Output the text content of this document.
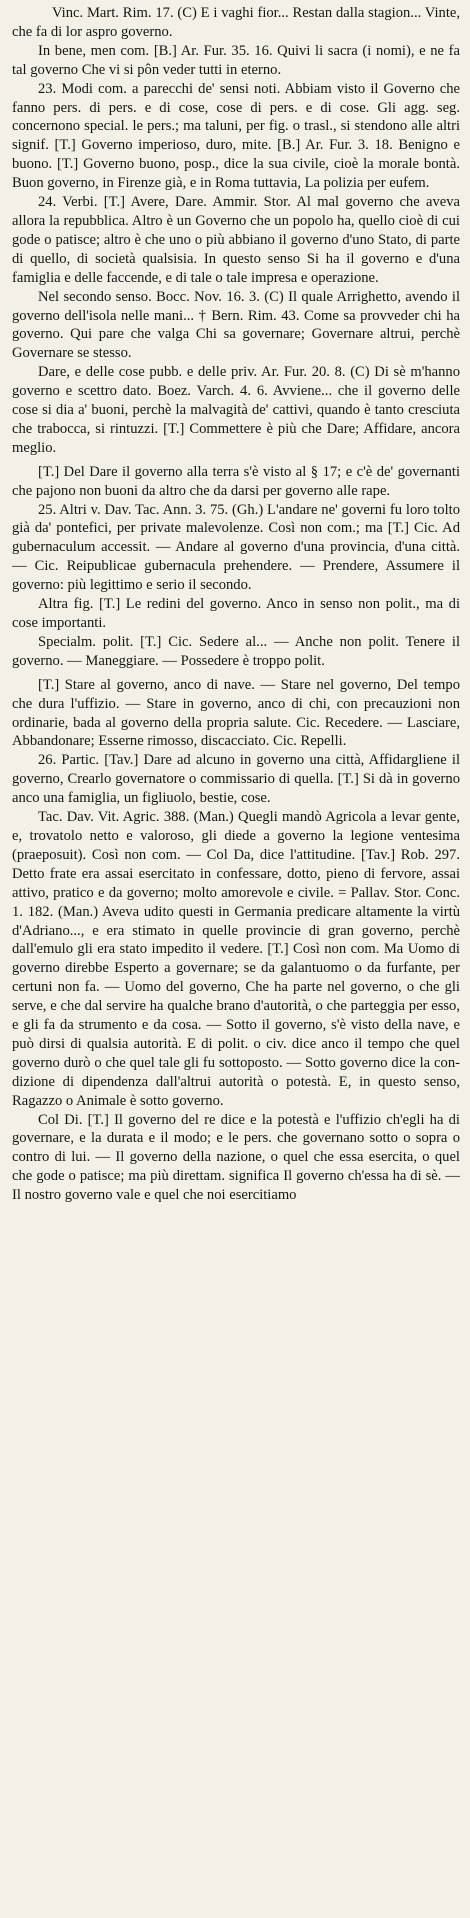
Vinc. Mart. Rim. 17. (C) E i vaghi fior... Restan dalla stagion... Vinte, che fa di lor aspro governo.

In bene, men com. [B.] Ar. Fur. 35. 16. Quivi li sacra (i nomi), e ne fa tal governo Che vi si pôn veder tutti in eterno.

23. Modi com. a parecchi de' sensi noti. Abbiam visto il Governo che fanno pers. di pers. e di cose, cose di pers. e di cose. Gli agg. seg. concernono special. le pers.; ma taluni, per fig. o trasl., si stendono alle altri signif. [T.] Governo imperioso, duro, mite. [B.] Ar. Fur. 3. 18. Benigno e buono. [T.] Governo buono, posp., dice la sua civile, cioè la morale bontà. Buon governo, in Firenze già, e in Roma tuttavia, La polizia per eufem.

24. Verbi. [T.] Avere, Dare. Ammir. Stor. Al mal governo che aveva allora la repubblica. Altro è un Governo che un popolo ha, quello cioè di cui gode o patisce; altro è che uno o più abbiano il governo d'uno Stato, di parte di quello, di società qualsisia. In questo senso Si ha il governo e d'una famiglia e delle faccende, e di tale o tale impresa e operazione.

Nel secondo senso. Bocc. Nov. 16. 3. (C) Il quale Arrighetto, avendo il governo dell'isola nelle mani... † Bern. Rim. 43. Come sa provveder chi ha governo. Qui pare che valga Chi sa governare; Governare altrui, perchè Governare se stesso.

Dare, e delle cose pubb. e delle priv. Ar. Fur. 20. 8. (C) Di sè m'hanno governo e scettro dato. Boez. Varch. 4. 6. Avviene... che il governo delle cose si dia a' buoni, perchè la malvagità de' cattivi, quando è tanto cresciuta che trabocca, si rintuzzi. [T.] Commettere è più che Dare; Affidare, ancora meglio.

[T.] Del Dare il governo alla terra s'è visto al § 17; e c'è de' governanti che pajono non buoni da altro che da darsi per governo alle rape.

25. Altri v. Dav. Tac. Ann. 3. 75. (Gh.) L'andare ne' governi fu loro tolto già da' pontefici, per private malevolenze. Così non com.; ma [T.] Cic. Ad gubernaculum accessit. — Andare al governo d'una provincia, d'una città. — Cic. Reipublicae gubernacula prehendere. — Prendere, Assumere il governo: più legittimo e serio il secondo.

Altra fig. [T.] Le redini del governo. Anco in senso non polit., ma di cose importanti.

Specialm. polit. [T.] Cic. Sedere al... — Anche non polit. Tenere il governo. — Maneggiare. — Possedere è troppo polit.

[T.] Stare al governo, anco di nave. — Stare nel governo, Del tempo che dura l'uffizio. — Stare in governo, anco di chi, con precauzioni non ordinarie, bada al governo della propria salute. Cic. Recedere. — Lasciare, Abbandonare; Esserne rimosso, discacciato. Cic. Repelli.

26. Partic. [Tav.] Dare ad alcuno in governo una città, Affidargliene il governo, Crearlo governatore o commissario di quella. [T.] Si dà in governo anco una famiglia, un figliuolo, bestie, cose.

Tac. Dav. Vit. Agric. 388. (Man.) Quegli mandò Agricola a levar gente, e, trovatolo netto e valoroso, gli diede a governo la legione ventesima (praeposuit). Così non com. — Col Da, dice l'attitudine. [Tav.] Rob. 297. Detto frate era assai esercitato in confessare, dotto, pieno di fervore, assai attivo, pratico e da governo; molto amorevole e civile. = Pallav. Stor. Conc. 1. 182. (Man.) Aveva udito questi in Germania predicare altamente la virtù d'Adriano..., e era stimato in quelle provincie di gran governo, perchè dall'emulo gli era stato impedito il vedere. [T.] Così non com. Ma Uomo di governo direbbe Esperto a governare; se da galantuomo o da furfante, per certuni non fa. — Uomo del governo, Che ha parte nel governo, o che gli serve, e che dal servire ha qualche brano d'autorità, o che parteggia per esso, e gli fa da strumento e da cosa. — Sotto il governo, s'è visto della nave, e può dirsi di qualsia autorità. E di polit. o civ. dice anco il tempo che quel governo durò o che quel tale gli fu sottoposto. — Sotto governo dice la condizione di dipendenza dall'altrui autorità o potestà. E, in questo senso, Ragazzo o Animale è sotto governo.

Col Di. [T.] Il governo del re dice e la potestà e l'uffizio ch'egli ha di governare, e la durata e il modo; e le pers. che governano sotto o sopra o contro di lui. — Il governo della nazione, o quel che essa esercita, o quel che gode o patisce; ma più direttam. significa Il governo ch'essa ha di sè. — Il nostro governo vale e quel che noi esercitiamo
